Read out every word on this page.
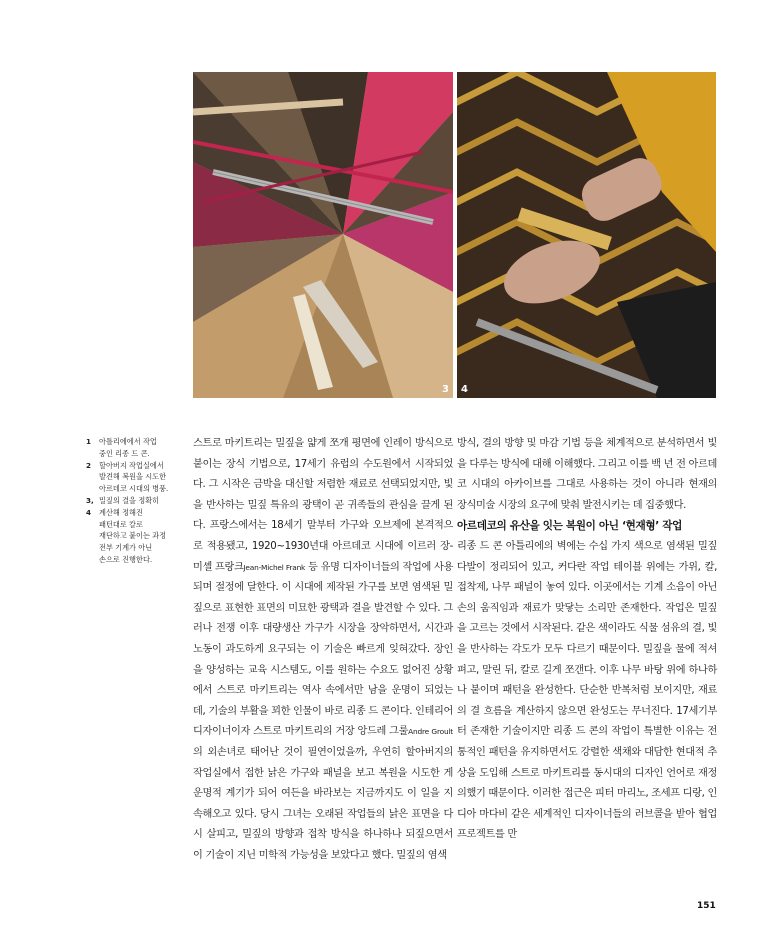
3 4
1	아틀리에에서 작업
중인 리종 드 콘.
2	할아버지 작업실에서
발견해 복원을 시도한
아르데코 시대의 병풍.
3, 4
밀짚의 결을 정확히
계산해 정해진
패턴대로 칼로
재단하고 붙이는 과정
전부 기계가 아닌
손으로 진행한다.

스트로 마키트리는 밀짚을 얇게 쪼개 평면에 인레이 방식으로 붙이는 장식 기법으로, 17세기 유럽의 수도원에서 시작되었다. 그 시작은 금박을 대신할 저렴한 재료로 선택되었지만, 빛을 반사하는 밀짚 특유의 광택이 곧 귀족들의 관심을 끌게 된다. 프랑스에서는 18세기 말부터 가구와 오브제에 본격적으로 적용됐고, 1920~1930년대 아르데코 시대에 이르러 장-미셸 프랑크Jean-Michel Frank 등 유명 디자이너들의 작업에 사용되며 절정에 달한다. 이 시대에 제작된 가구를 보면 염색된 밀짚으로 표현한 표면의 미묘한 광택과 결을 발견할 수 있다. 그러나 전쟁 이후 대량생산 가구가 시장을 장악하면서, 시간과 노동이 과도하게 요구되는 이 기술은 빠르게 잊혀갔다. 장인을 양성하는 교육 시스템도, 이를 원하는 수요도 없어진 상황에서 스트로 마키트리는 역사 속에서만 남을 운명이 되었는데, 기술의 부활을 꾀한 인물이 바로 리종 드 콘이다. 인테리어 디자이너이자 스트로 마키트리의 거장 앙드레 그룰Andre Groult의 외손녀로 태어난 것이 필연이었을까, 우연히 할아버지의 작업실에서 접한 낡은 가구와 패널을 보고 복원을 시도한 게 운명적 계기가 되어 여든을 바라보는 지금까지도 이 일을 지속해오고 있다. 당시 그녀는 오래된 작업들의 낡은 표면을 다시 살피고, 밀짚의 방향과 접착 방식을 하나하나 되짚으면서 이 기술이 지닌 미학적 가능성을 보았다고 했다. 밀짚의 염색

방식, 결의 방향 및 마감 기법 등을 체계적으로 분석하면서 빛을 다루는 방식에 대해 이해했다. 그리고 이를 백 년 전 아르데코 시대의 아카이브를 그대로 사용하는 것이 아니라 현재의 장식미술 시장의 요구에 맞춰 발전시키는 데 집중했다.

아르데코의 유산을 잇는 복원이 아닌 ‘현재형’ 작업

리종 드 콘 아틀리에의 벽에는 수십 가지 색으로 염색된 밀짚 다발이 정리되어 있고, 커다란 작업 테이블 위에는 가위, 칼, 접착제, 나무 패널이 놓여 있다. 이곳에서는 기계 소음이 아닌 손의 움직임과 재료가 맞닿는 소리만 존재한다. 작업은 밀짚을 고르는 것에서 시작된다. 같은 색이라도 식물 섬유의 결, 빛을 반사하는 각도가 모두 다르기 때문이다. 밀짚을 물에 적셔 펴고, 말린 뒤, 칼로 길게 쪼갠다. 이후 나무 바탕 위에 하나하나 붙이며 패턴을 완성한다. 단순한 반복처럼 보이지만, 재료의 결 흐름을 계산하지 않으면 완성도는 무너진다. 17세기부터 존재한 기술이지만 리종 드 콘의 작업이 특별한 이유는 전통적인 패턴을 유지하면서도 강렬한 색채와 대담한 현대적 추상을 도입해 스트로 마키트리를 동시대의 디자인 언어로 재정의했기 때문이다. 이러한 접근은 피터 마리노, 조세프 디랑, 인디아 마다비 같은 세계적인 디자이너들의 러브콜을 받아 협업 프로젝트를 만

151
